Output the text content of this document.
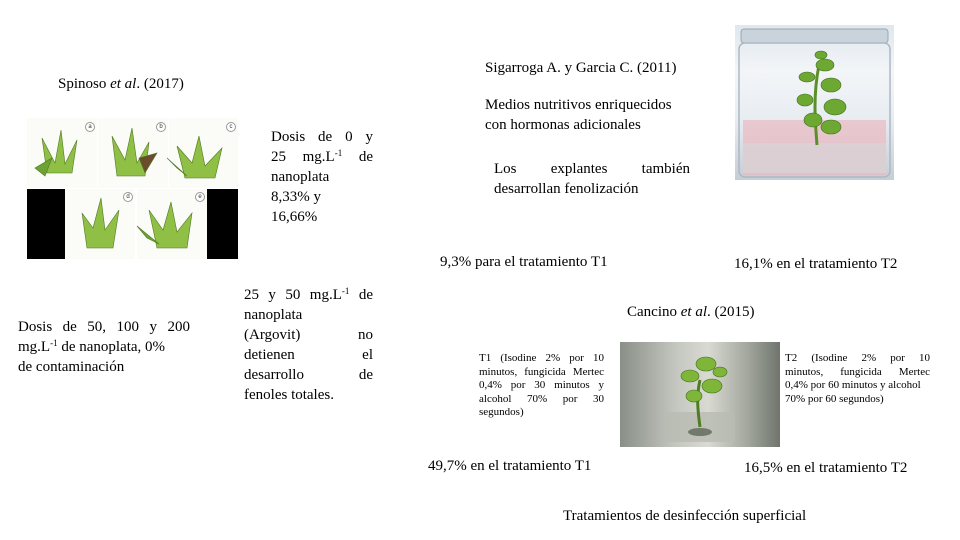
Spinoso et al. (2017)
a	b	c
d	e
Dosis de 0 y
25 $mg.L^{-1}$ de
nanoplata
8,33% y
16,66%
Dosis de 50, 100 y 200
$mg.L^{-1}$ de nanoplata, 0%
de contaminación
25 y 50 $mg.L^{-1}$ de
nanoplata
(Argovit) no
detienen el
desarrollo de
fenoles totales.
Sigarroga A. y Garcia C. (2011)
Medios nutritivos enriquecidos
con hormonas adicionales
Los explantes también
desarrollan fenolización
9,3% para el tratamiento T1	16,1% en el tratamiento T2
Cancino et al. (2015)
T1 (Isodine 2% por 10
minutos, fungicida Mertec
0,4% por 30 minutos y
alcohol 70% por 30
segundos)
T2 (Isodine 2% por 10
minutos, fungicida Mertec
0,4% por 60 minutos y alcohol
70% por 60 segundos)
49,7% en el tratamiento T1	16,5% en el tratamiento T2
Tratamientos de desinfección superficial
